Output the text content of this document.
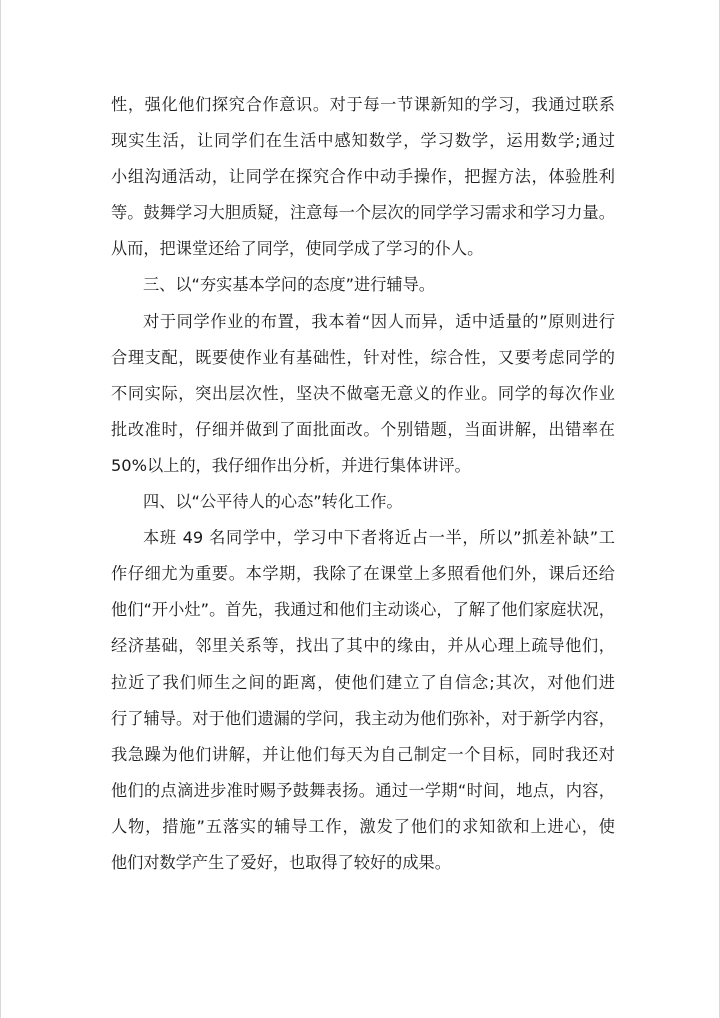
性，强化他们探究合作意识。对于每一节课新知的学习，我通过联系
现实生活，让同学们在生活中感知数学，学习数学，运用数学;通过
小组沟通活动，让同学在探究合作中动手操作，把握方法，体验胜利
等。鼓舞学习大胆质疑，注意每一个层次的同学学习需求和学习力量。
从而，把课堂还给了同学，使同学成了学习的仆人。
三、以“夯实基本学问的态度”进行辅导。
对于同学作业的布置，我本着“因人而异，适中适量的”原则进行
合理支配，既要使作业有基础性，针对性，综合性，又要考虑同学的
不同实际，突出层次性，坚决不做毫无意义的作业。同学的每次作业
批改准时，仔细并做到了面批面改。个别错题，当面讲解，出错率在
50%以上的，我仔细作出分析，并进行集体讲评。
四、以“公平待人的心态”转化工作。
本班 49 名同学中，学习中下者将近占一半，所以”抓差补缺”工
作仔细尤为重要。本学期，我除了在课堂上多照看他们外，课后还给
他们“开小灶”。首先，我通过和他们主动谈心，了解了他们家庭状况，
经济基础，邻里关系等，找出了其中的缘由，并从心理上疏导他们，
拉近了我们师生之间的距离，使他们建立了自信念;其次，对他们进
行了辅导。对于他们遗漏的学问，我主动为他们弥补，对于新学内容，
我急躁为他们讲解，并让他们每天为自己制定一个目标，同时我还对
他们的点滴进步准时赐予鼓舞表扬。通过一学期“时间，地点，内容，
人物，措施”五落实的辅导工作，激发了他们的求知欲和上进心，使
他们对数学产生了爱好，也取得了较好的成果。
